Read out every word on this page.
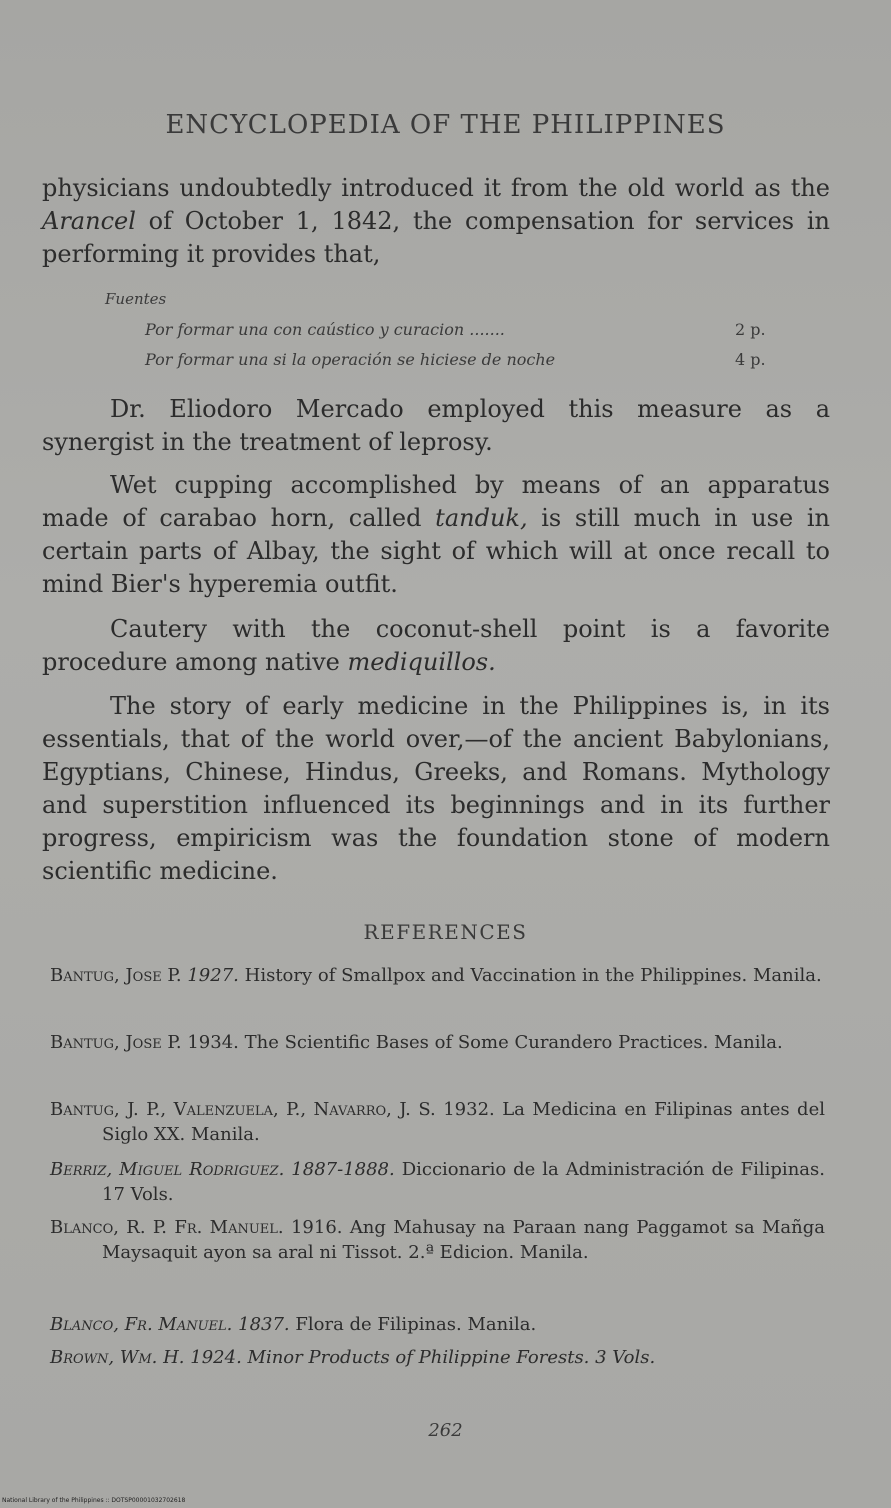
ENCYCLOPEDIA OF THE PHILIPPINES
physicians undoubtedly introduced it from the old world as the Arancel of October 1, 1842, the compensation for services in performing it provides that,
Fuentes
Por formar una con caústico y curacion .......	2 p.
Por formar una si la operación se hiciese de noche	4 p.
Dr. Eliodoro Mercado employed this measure as a synergist in the treatment of leprosy.
Wet cupping accomplished by means of an apparatus made of carabao horn, called tanduk, is still much in use in certain parts of Albay, the sight of which will at once recall to mind Bier's hyperemia outfit.
Cautery with the coconut-shell point is a favorite procedure among native mediquillos.
The story of early medicine in the Philippines is, in its essentials, that of the world over,—of the ancient Babylonians, Egyptians, Chinese, Hindus, Greeks, and Romans. Mythology and superstition influenced its beginnings and in its further progress, empiricism was the foundation stone of modern scientific medicine.
REFERENCES
Bantug, Jose P. 1927. History of Smallpox and Vaccination in the Philippines. Manila.
Bantug, Jose P. 1934. The Scientific Bases of Some Curandero Practices. Manila.
Bantug, J. P., Valenzuela, P., Navarro, J. S. 1932. La Medicina en Filipinas antes del Siglo XX. Manila.
Berriz, Miguel Rodriguez. 1887-1888. Diccionario de la Administración de Filipinas. 17 Vols.
Blanco, R. P. Fr. Manuel. 1916. Ang Mahusay na Paraan nang Paggamot sa Mañga Maysaquit ayon sa aral ni Tissot. 2.ª Edicion. Manila.
Blanco, Fr. Manuel. 1837. Flora de Filipinas. Manila.
Brown, Wm. H. 1924. Minor Products of Philippine Forests. 3 Vols.
262
National Library of the Philippines :: DOTSP00001032702618
